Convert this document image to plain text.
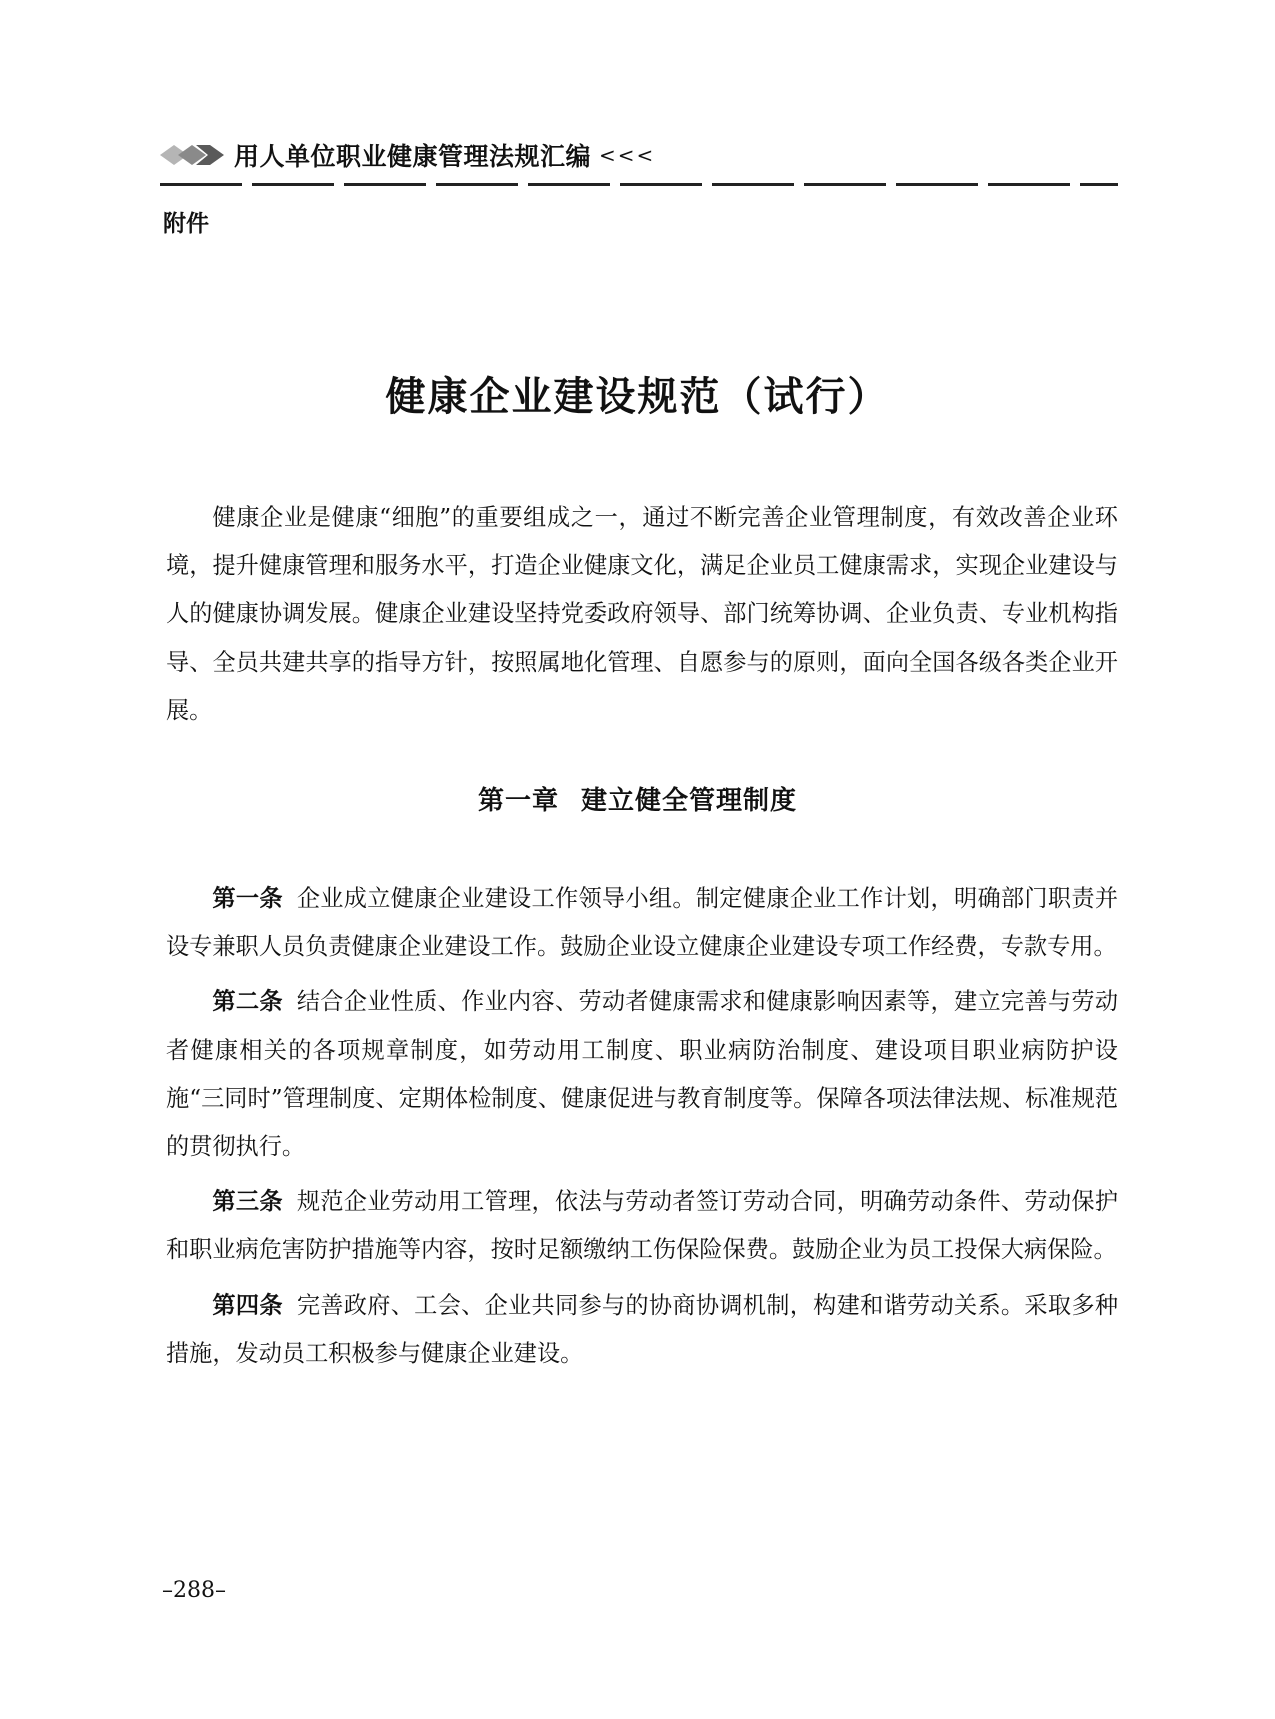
用人单位职业健康管理法规汇编 <<<
附件
健康企业建设规范（试行）

健康企业是健康“细胞”的重要组成之一，通过不断完善企业管理制度，有效改善企业环境，提升健康管理和服务水平，打造企业健康文化，满足企业员工健康需求，实现企业建设与人的健康协调发展。健康企业建设坚持党委政府领导、部门统筹协调、企业负责、专业机构指导、全员共建共享的指导方针，按照属地化管理、自愿参与的原则，面向全国各级各类企业开展。

第一章 建立健全管理制度

第一条 企业成立健康企业建设工作领导小组。制定健康企业工作计划，明确部门职责并设专兼职人员负责健康企业建设工作。鼓励企业设立健康企业建设专项工作经费，专款专用。

第二条 结合企业性质、作业内容、劳动者健康需求和健康影响因素等，建立完善与劳动者健康相关的各项规章制度，如劳动用工制度、职业病防治制度、建设项目职业病防护设施“三同时”管理制度、定期体检制度、健康促进与教育制度等。保障各项法律法规、标准规范的贯彻执行。

第三条 规范企业劳动用工管理，依法与劳动者签订劳动合同，明确劳动条件、劳动保护和职业病危害防护措施等内容，按时足额缴纳工伤保险保费。鼓励企业为员工投保大病保险。

第四条 完善政府、工会、企业共同参与的协商协调机制，构建和谐劳动关系。采取多种措施，发动员工积极参与健康企业建设。

–288–
